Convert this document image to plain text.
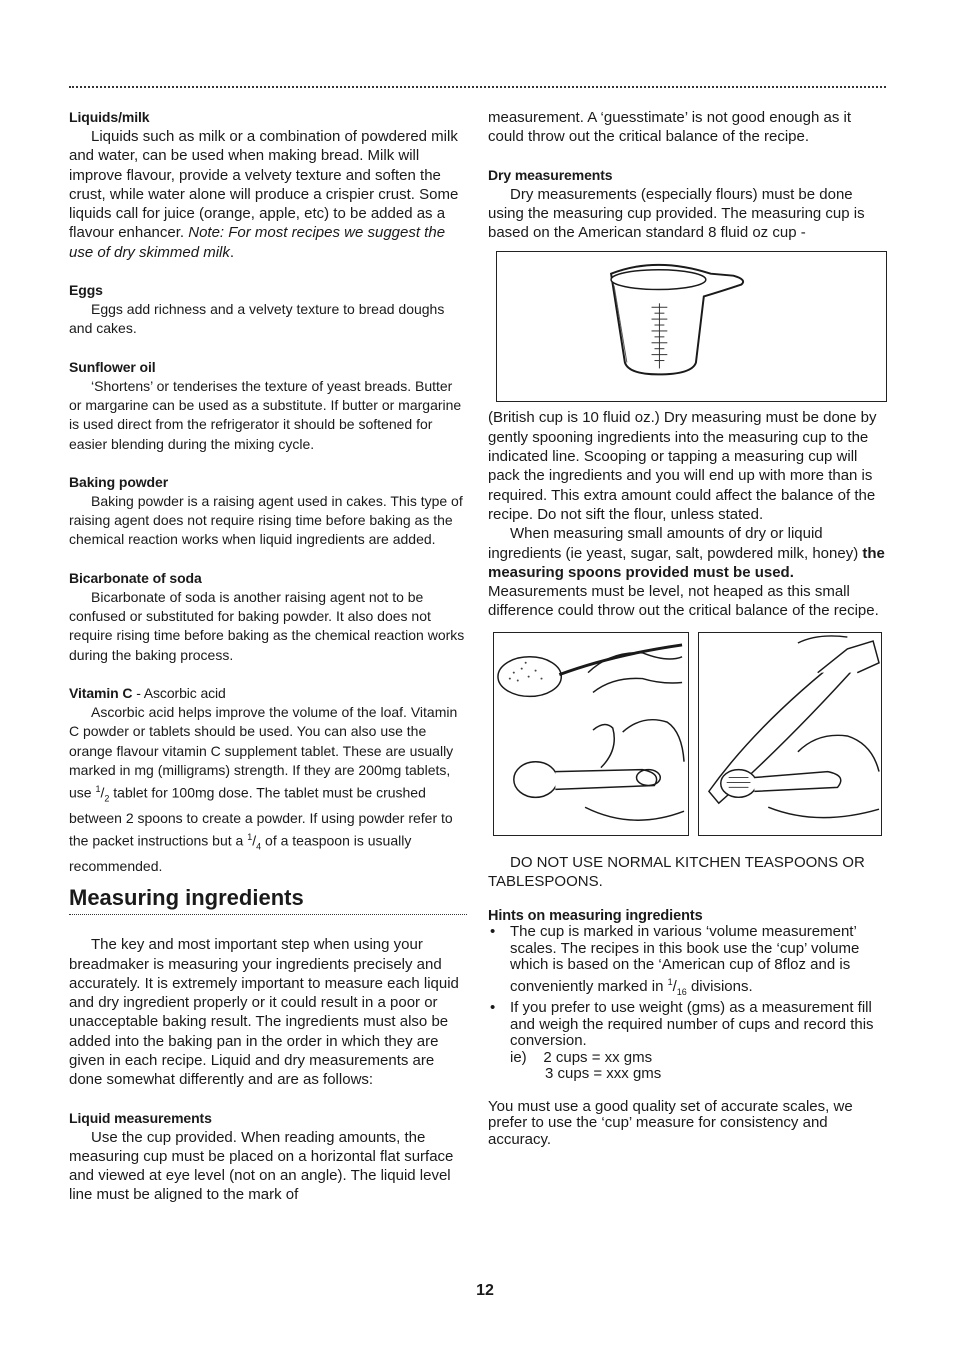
Liquids/milk

Liquids such as milk or a combination of powdered milk and water, can be used when making bread. Milk will improve flavour, provide a velvety texture and soften the crust, while water alone will produce a crispier crust. Some liquids call for juice (orange, apple, etc) to be added as a flavour enhancer. Note: For most recipes we suggest the use of dry skimmed milk.

Eggs

Eggs add richness and a velvety texture to bread doughs and cakes.

Sunflower oil

‘Shortens’ or tenderises the texture of yeast breads. Butter or margarine can be used as a substitute. If butter or margarine is used direct from the refrigerator it should be softened for easier blending during the mixing cycle.

Baking powder

Baking powder is a raising agent used in cakes. This type of raising agent does not require rising time before baking as the chemical reaction works when liquid ingredients are added.

Bicarbonate of soda

Bicarbonate of soda is another raising agent not to be confused or substituted for baking powder. It also does not require rising time before baking as the chemical reaction works during the baking process.

Vitamin C - Ascorbic acid

Ascorbic acid helps improve the volume of the loaf. Vitamin C powder or tablets should be used. You can also use the orange flavour vitamin C supplement tablet. These are usually marked in mg (milligrams) strength. If they are 200mg tablets, use $^1/_2$ tablet for 100mg dose. The tablet must be crushed between 2 spoons to create a powder. If using powder refer to the packet instructions but a $^1/_4$ of a teaspoon is usually recommended.

Measuring ingredients

The key and most important step when using your breadmaker is measuring your ingredients precisely and accurately. It is extremely important to measure each liquid and dry ingredient properly or it could result in a poor or unacceptable baking result. The ingredients must also be added into the baking pan in the order in which they are given in each recipe. Liquid and dry measurements are done somewhat differently and are as follows:

Liquid measurements

Use the cup provided. When reading amounts, the measuring cup must be placed on a horizontal flat surface and viewed at eye level (not on an angle). The liquid level line must be aligned to the mark of

measurement. A ‘guesstimate’ is not good enough as it could throw out the critical balance of the recipe.

Dry measurements

Dry measurements (especially flours) must be done using the measuring cup provided. The measuring cup is based on the American standard 8 fluid oz cup -

(British cup is 10 fluid oz.) Dry measuring must be done by gently spooning ingredients into the measuring cup to the indicated line. Scooping or tapping a measuring cup will pack the ingredients and you will end up with more than is required. This extra amount could affect the balance of the recipe. Do not sift the flour, unless stated.

When measuring small amounts of dry or liquid ingredients (ie yeast, sugar, salt, powdered milk, honey) the measuring spoons provided must be used. Measurements must be level, not heaped as this small difference could throw out the critical balance of the recipe.

DO NOT USE NORMAL KITCHEN TEASPOONS OR TABLESPOONS.

Hints on measuring ingredients
• The cup is marked in various ‘volume measurement’ scales. The recipes in this book use the ‘cup’ volume which is based on the ‘American cup of 8floz and is conveniently marked in $^1/_{16}$ divisions.
• If you prefer to use weight (gms) as a measurement fill and weigh the required number of cups and record this conversion.
ie) 2 cups = xx gms
3 cups = xxx gms

You must use a good quality set of accurate scales, we prefer to use the ‘cup’ measure for consistency and accuracy.

12
